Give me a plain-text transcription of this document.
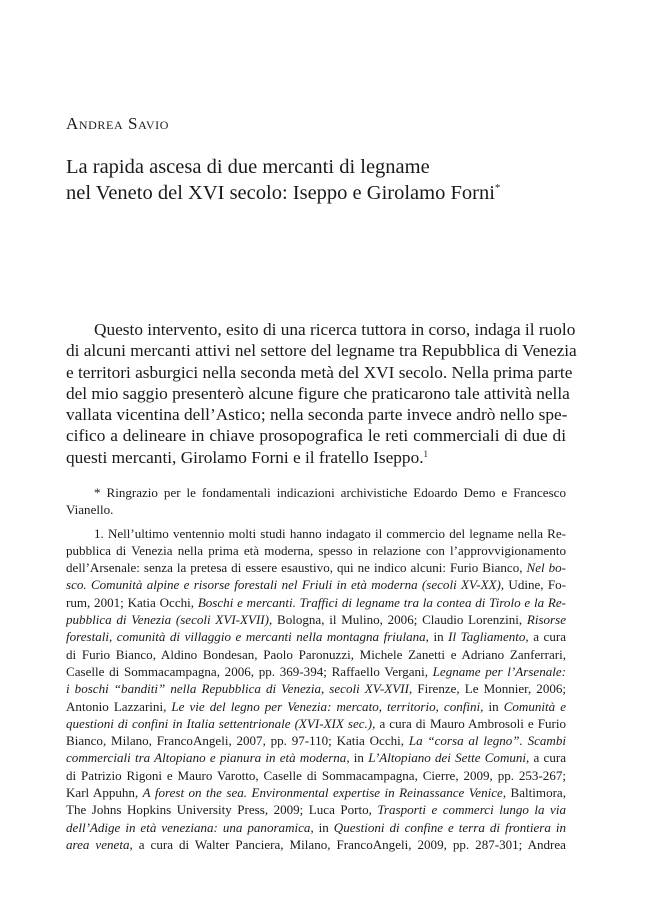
Andrea Savio
La rapida ascesa di due mercanti di legname
nel Veneto del XVI secolo: Iseppo e Girolamo Forni*
Questo intervento, esito di una ricerca tuttora in corso, indaga il ruolo
di alcuni mercanti attivi nel settore del legname tra Repubblica di Venezia
e territori asburgici nella seconda metà del XVI secolo. Nella prima parte
del mio saggio presenterò alcune figure che praticarono tale attività nella
vallata vicentina dell’Astico; nella seconda parte invece andrò nello spe-
cifico a delineare in chiave prosopografica le reti commerciali di due di
questi mercanti, Girolamo Forni e il fratello Iseppo.$^1$
* Ringrazio per le fondamentali indicazioni archivistiche Edoardo Demo e Francesco
Vianello.
1. Nell’ultimo ventennio molti studi hanno indagato il commercio del legname nella Re-
pubblica di Venezia nella prima età moderna, spesso in relazione con l’approvvigionamento
dell’Arsenale: senza la pretesa di essere esaustivo, qui ne indico alcuni: Furio Bianco, Nel bo-
sco. Comunità alpine e risorse forestali nel Friuli in età moderna (secoli XV-XX), Udine, Fo-
rum, 2001; Katia Occhi, Boschi e mercanti. Traffici di legname tra la contea di Tirolo e la Re-
pubblica di Venezia (secoli XVI-XVII), Bologna, il Mulino, 2006; Claudio Lorenzini, Risorse
forestali, comunità di villaggio e mercanti nella montagna friulana, in Il Tagliamento, a cura
di Furio Bianco, Aldino Bondesan, Paolo Paronuzzi, Michele Zanetti e Adriano Zanferrari,
Caselle di Sommacampagna, 2006, pp. 369-394; Raffaello Vergani, Legname per l’Arsenale:
i boschi “banditi” nella Repubblica di Venezia, secoli XV-XVII, Firenze, Le Monnier, 2006;
Antonio Lazzarini, Le vie del legno per Venezia: mercato, territorio, confini, in Comunità e
questioni di confini in Italia settentrionale (XVI-XIX sec.), a cura di Mauro Ambrosoli e Furio
Bianco, Milano, FrancoAngeli, 2007, pp. 97-110; Katia Occhi, La “corsa al legno”. Scambi
commerciali tra Altopiano e pianura in età moderna, in L’Altopiano dei Sette Comuni, a cura
di Patrizio Rigoni e Mauro Varotto, Caselle di Sommacampagna, Cierre, 2009, pp. 253-267;
Karl Appuhn, A forest on the sea. Environmental expertise in Reinassance Venice, Baltimora,
The Johns Hopkins University Press, 2009; Luca Porto, Trasporti e commerci lungo la via
dell’Adige in età veneziana: una panoramica, in Questioni di confine e terra di frontiera in
area veneta, a cura di Walter Panciera, Milano, FrancoAngeli, 2009, pp. 287-301; Andrea
